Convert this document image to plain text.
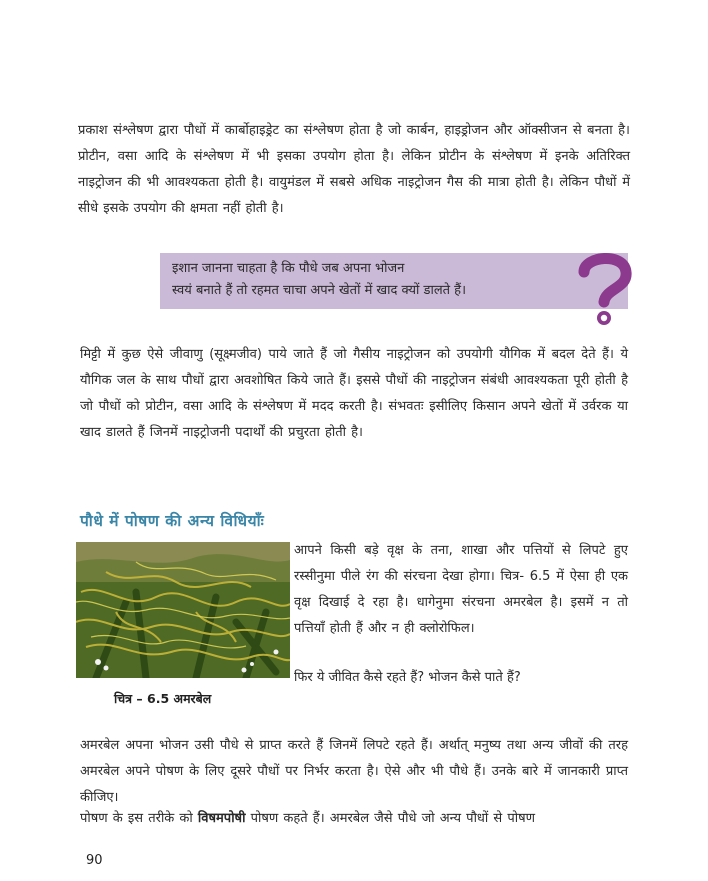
प्रकाश संश्लेषण द्वारा पौधों में कार्बोहाइड्रेट का संश्लेषण होता है जो कार्बन, हाइड्रोजन और ऑक्सीजन से बनता है। प्रोटीन, वसा आदि के संश्लेषण में भी इसका उपयोग होता है। लेकिन प्रोटीन के संश्लेषण में इनके अतिरिक्त नाइट्रोजन की भी आवश्यकता होती है। वायुमंडल में सबसे अधिक नाइट्रोजन गैस की मात्रा होती है। लेकिन पौधों में सीधे इसके उपयोग की क्षमता नहीं होती है।

इशान जानना चाहता है कि पौधे जब अपना भोजन
स्वयं बनाते हैं तो रहमत चाचा अपने खेतों में खाद क्यों डालते हैं।

मिट्टी में कुछ ऐसे जीवाणु (सूक्ष्मजीव) पाये जाते हैं जो गैसीय नाइट्रोजन को उपयोगी यौगिक में बदल देते हैं। ये यौगिक जल के साथ पौधों द्वारा अवशोषित किये जाते हैं। इससे पौधों की नाइट्रोजन संबंधी आवश्यकता पूरी होती है जो पौधों को प्रोटीन, वसा आदि के संश्लेषण में मदद करती है। संभवतः इसीलिए किसान अपने खेतों में उर्वरक या खाद डालते हैं जिनमें नाइट्रोजनी पदार्थों की प्रचुरता होती है।

पौधे में पोषण की अन्य विधियाँः

चित्र – 6.5 अमरबेल

आपने किसी बड़े वृक्ष के तना, शाखा और पत्तियों से लिपटे हुए रस्सीनुमा पीले रंग की संरचना देखा होगा। चित्र- 6.5 में ऐसा ही एक वृक्ष दिखाई दे रहा है। धागेनुमा संरचना अमरबेल है। इसमें न तो पत्तियाँ होती हैं और न ही क्लोरोफिल।

फिर ये जीवित कैसे रहते हैं? भोजन कैसे पाते हैं?

अमरबेल अपना भोजन उसी पौधे से प्राप्त करते हैं जिनमें लिपटे रहते हैं। अर्थात् मनुष्य तथा अन्य जीवों की तरह अमरबेल अपने पोषण के लिए दूसरे पौधों पर निर्भर करता है। ऐसे और भी पौधे हैं। उनके बारे में जानकारी प्राप्त कीजिए।

पोषण के इस तरीके को विषमपोषी पोषण कहते हैं। अमरबेल जैसे पौधे जो अन्य पौधों से पोषण

90
